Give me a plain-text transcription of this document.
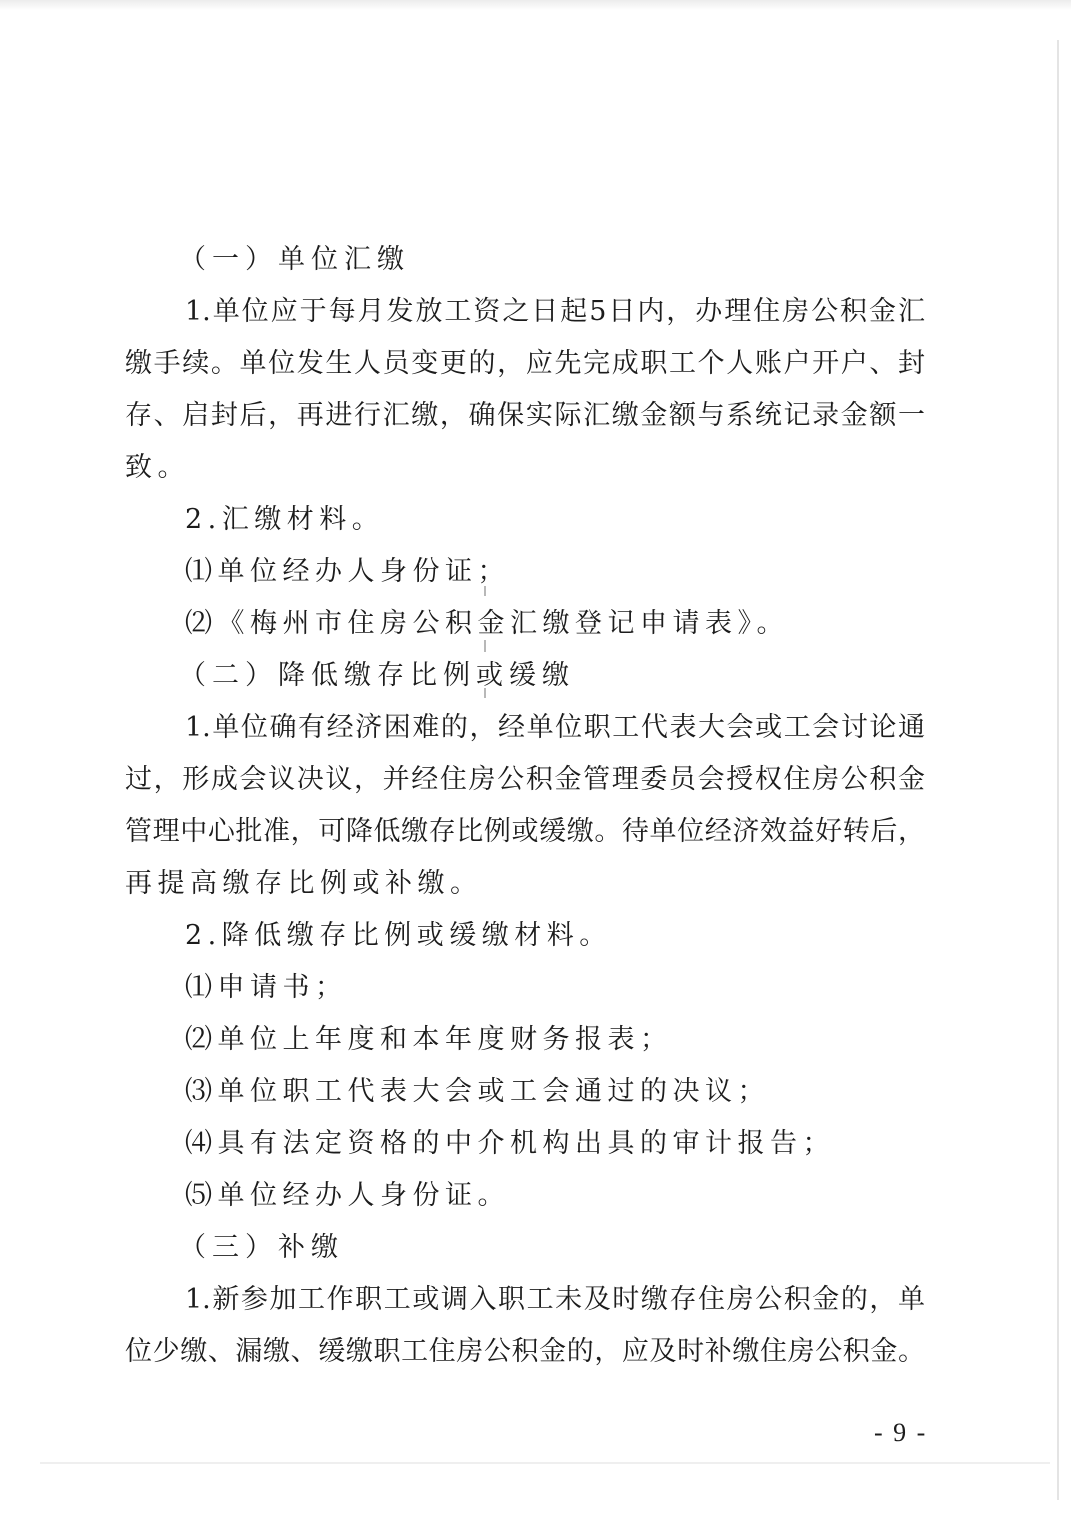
（一）单位汇缴
1.单位应于每月发放工资之日起5日内，办理住房公积金汇
缴手续。单位发生人员变更的，应先完成职工个人账户开户、封
存、启封后，再进行汇缴，确保实际汇缴金额与系统记录金额一
致。
2.汇缴材料。
⑴单位经办人身份证；
⑵《梅州市住房公积金汇缴登记申请表》。
（二）降低缴存比例或缓缴
1.单位确有经济困难的，经单位职工代表大会或工会讨论通
过，形成会议决议，并经住房公积金管理委员会授权住房公积金
管理中心批准，可降低缴存比例或缓缴。待单位经济效益好转后，
再提高缴存比例或补缴。
2.降低缴存比例或缓缴材料。
⑴申请书；
⑵单位上年度和本年度财务报表；
⑶单位职工代表大会或工会通过的决议；
⑷具有法定资格的中介机构出具的审计报告；
⑸单位经办人身份证。
（三）补缴
1.新参加工作职工或调入职工未及时缴存住房公积金的，单
位少缴、漏缴、缓缴职工住房公积金的，应及时补缴住房公积金。
- 9 -
